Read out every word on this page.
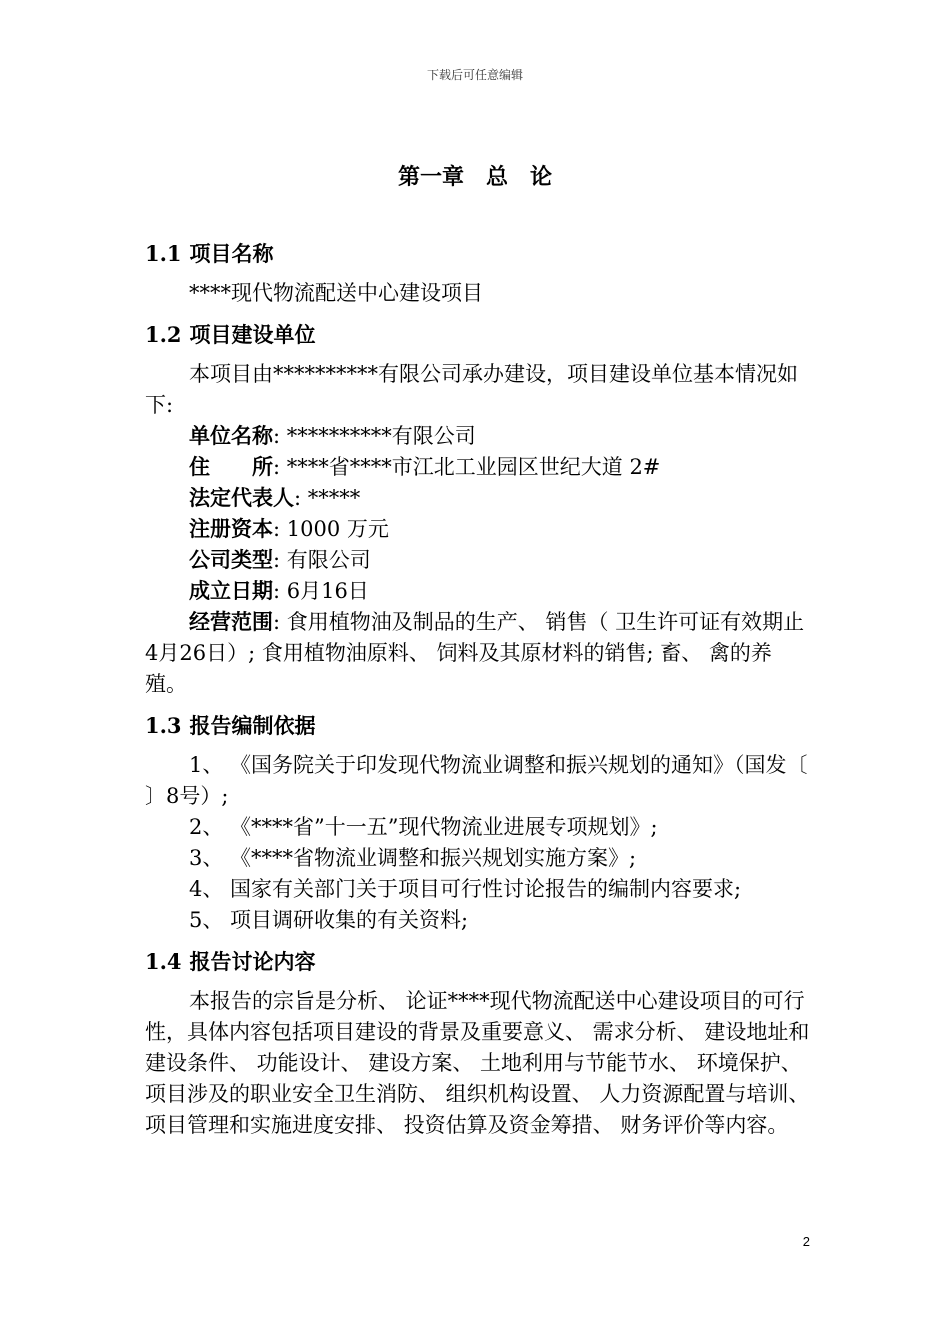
下载后可任意编辑
第一章　总　论
1.1 项目名称

****现代物流配送中心建设项目

1.2 项目建设单位

本项目由**********有限公司承办建设，项目建设单位基本情况如下:

单位名称: **********有限公司

住　　所: ****省****市江北工业园区世纪大道 2#

法定代表人: *****

注册资本: 1000 万元

公司类型: 有限公司

成立日期: 6月16日

经营范围: 食用植物油及制品的生产、 销售（ 卫生许可证有效期止 4月26日）; 食用植物油原料、 饲料及其原材料的销售; 畜、 禽的养殖。

1.3 报告编制依据

1、 《国务院关于印发现代物流业调整和振兴规划的通知》（国发〔 〕8号）;

2、 《****省”十一五”现代物流业进展专项规划》;

3、 《****省物流业调整和振兴规划实施方案》;

4、 国家有关部门关于项目可行性讨论报告的编制内容要求;

5、 项目调研收集的有关资料;

1.4 报告讨论内容

本报告的宗旨是分析、 论证****现代物流配送中心建设项目的可行性，具体内容包括项目建设的背景及重要意义、 需求分析、 建设地址和建设条件、 功能设计、 建设方案、 土地利用与节能节水、 环境保护、 项目涉及的职业安全卫生消防、 组织机构设置、 人力资源配置与培训、 项目管理和实施进度安排、 投资估算及资金筹措、 财务评价等内容。

2
